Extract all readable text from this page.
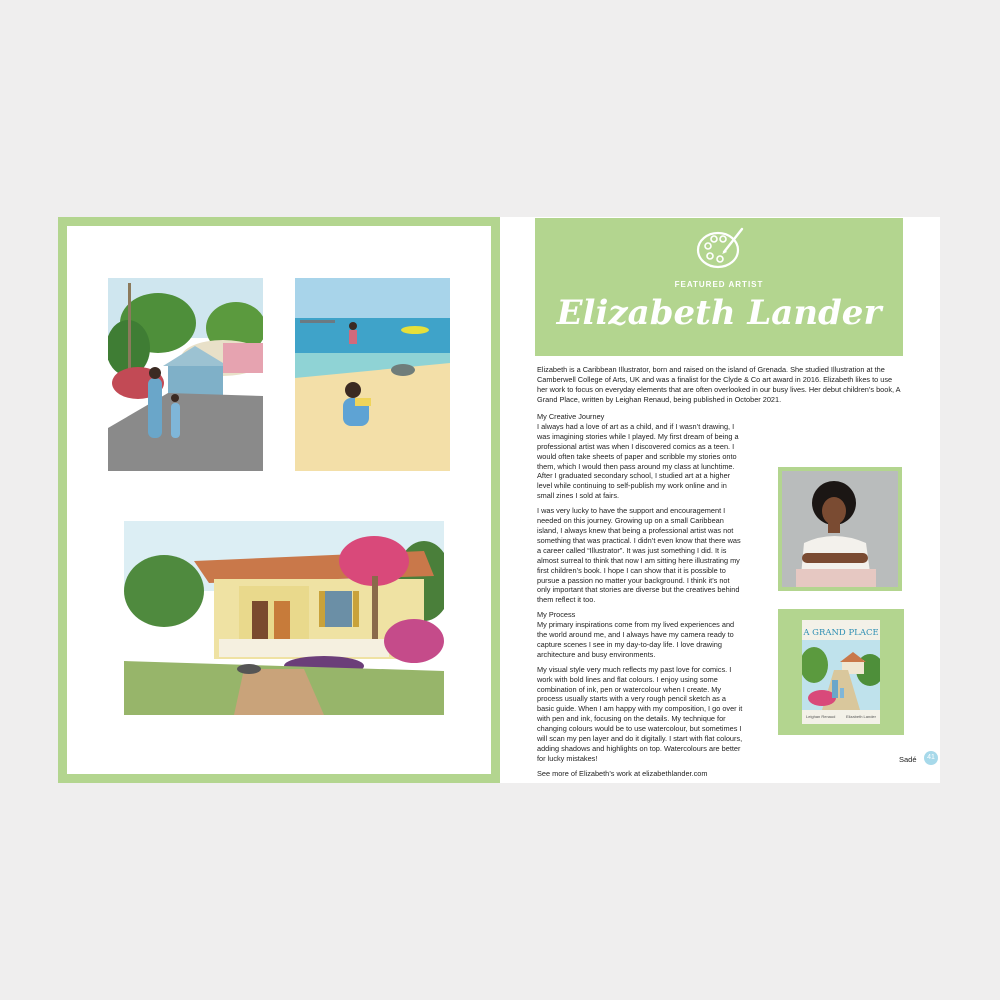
FEATURED ARTIST
Elizabeth Lander
Elizabeth is a Caribbean Illustrator, born and raised on the island of Grenada. She studied Illustration at the Camberwell College of Arts, UK and was a finalist for the Clyde & Co art award in 2016. Elizabeth likes to use her work to focus on everyday elements that are often overlooked in our busy lives. Her debut children’s book, A Grand Place, written by Leighan Renaud, being published in October 2021.
My Creative Journey

I always had a love of art as a child, and if I wasn’t drawing, I was imagining stories while I played. My first dream of being a professional artist was when I discovered comics as a teen. I would often take sheets of paper and scribble my stories onto them, which I would then pass around my class at lunchtime. After I graduated secondary school, I studied art at a higher level while continuing to self-publish my work online and in small zines I sold at fairs.

I was very lucky to have the support and encouragement I needed on this journey. Growing up on a small Caribbean island, I always knew that being a professional artist was not something that was practical. I didn’t even know that there was a career called “Illustrator”. It was just something I did. It is almost surreal to think that now I am sitting here illustrating my first children’s book. I hope I can show that it is possible to pursue a passion no matter your background. I think it’s not only important that stories are diverse but the creatives behind them reflect it too.

My Process

My primary inspirations come from my lived experiences and the world around me, and I always have my camera ready to capture scenes I see in my day-to-day life. I love drawing architecture and busy environments.

My visual style very much reflects my past love for comics. I work with bold lines and flat colours. I enjoy using some combination of ink, pen or watercolour when I create. My process usually starts with a very rough pencil sketch as a basic guide. When I am happy with my composition, I go over it with pen and ink, focusing on the details. My technique for changing colours would be to use watercolour, but sometimes I will scan my pen layer and do it digitally. I start with flat colours, adding shadows and highlights on top. Watercolours are better for lucky mistakes!

See more of Elizabeth’s work at elizabethlander.com

A GRAND PLACE
Leighan Renaud	Elizabeth Lander
Sadé	41
